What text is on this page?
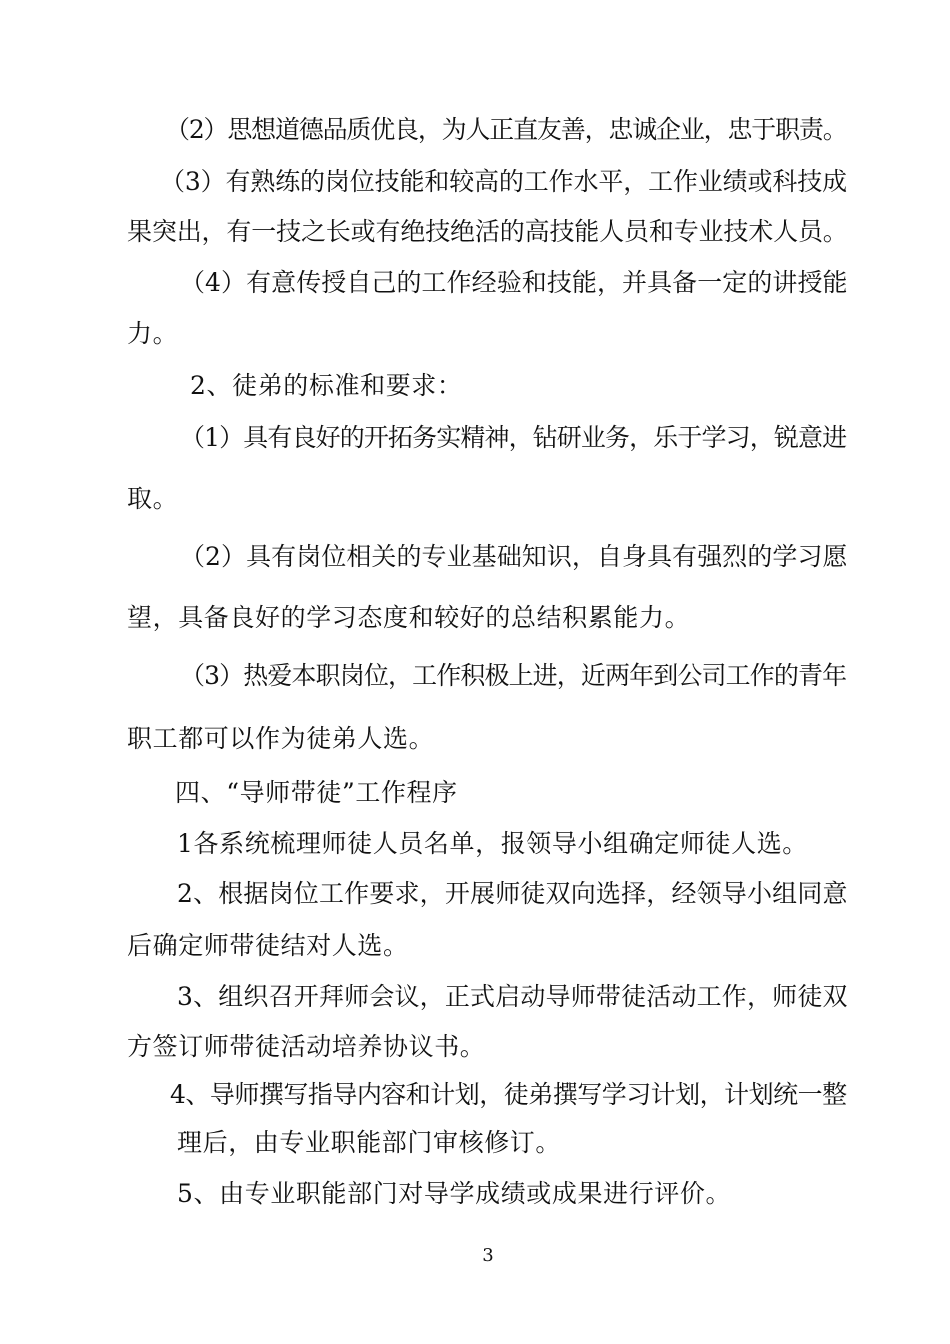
（2）思想道德品质优良，为人正直友善，忠诚企业，忠于职责。
（3）有熟练的岗位技能和较高的工作水平，工作业绩或科技成
果突出，有一技之长或有绝技绝活的高技能人员和专业技术人员。
（4）有意传授自己的工作经验和技能，并具备一定的讲授能
力。
2、徒弟的标准和要求：
（1）具有良好的开拓务实精神，钻研业务，乐于学习，锐意进
取。
（2）具有岗位相关的专业基础知识，自身具有强烈的学习愿
望，具备良好的学习态度和较好的总结积累能力。
（3）热爱本职岗位，工作积极上进，近两年到公司工作的青年
职工都可以作为徒弟人选。
四、“导师带徒”工作程序
1各系统梳理师徒人员名单，报领导小组确定师徒人选。
2、根据岗位工作要求，开展师徒双向选择，经领导小组同意
后确定师带徒结对人选。
3、组织召开拜师会议，正式启动导师带徒活动工作，师徒双
方签订师带徒活动培养协议书。
4、导师撰写指导内容和计划，徒弟撰写学习计划，计划统一整
理后，由专业职能部门审核修订。
5、由专业职能部门对导学成绩或成果进行评价。
3
